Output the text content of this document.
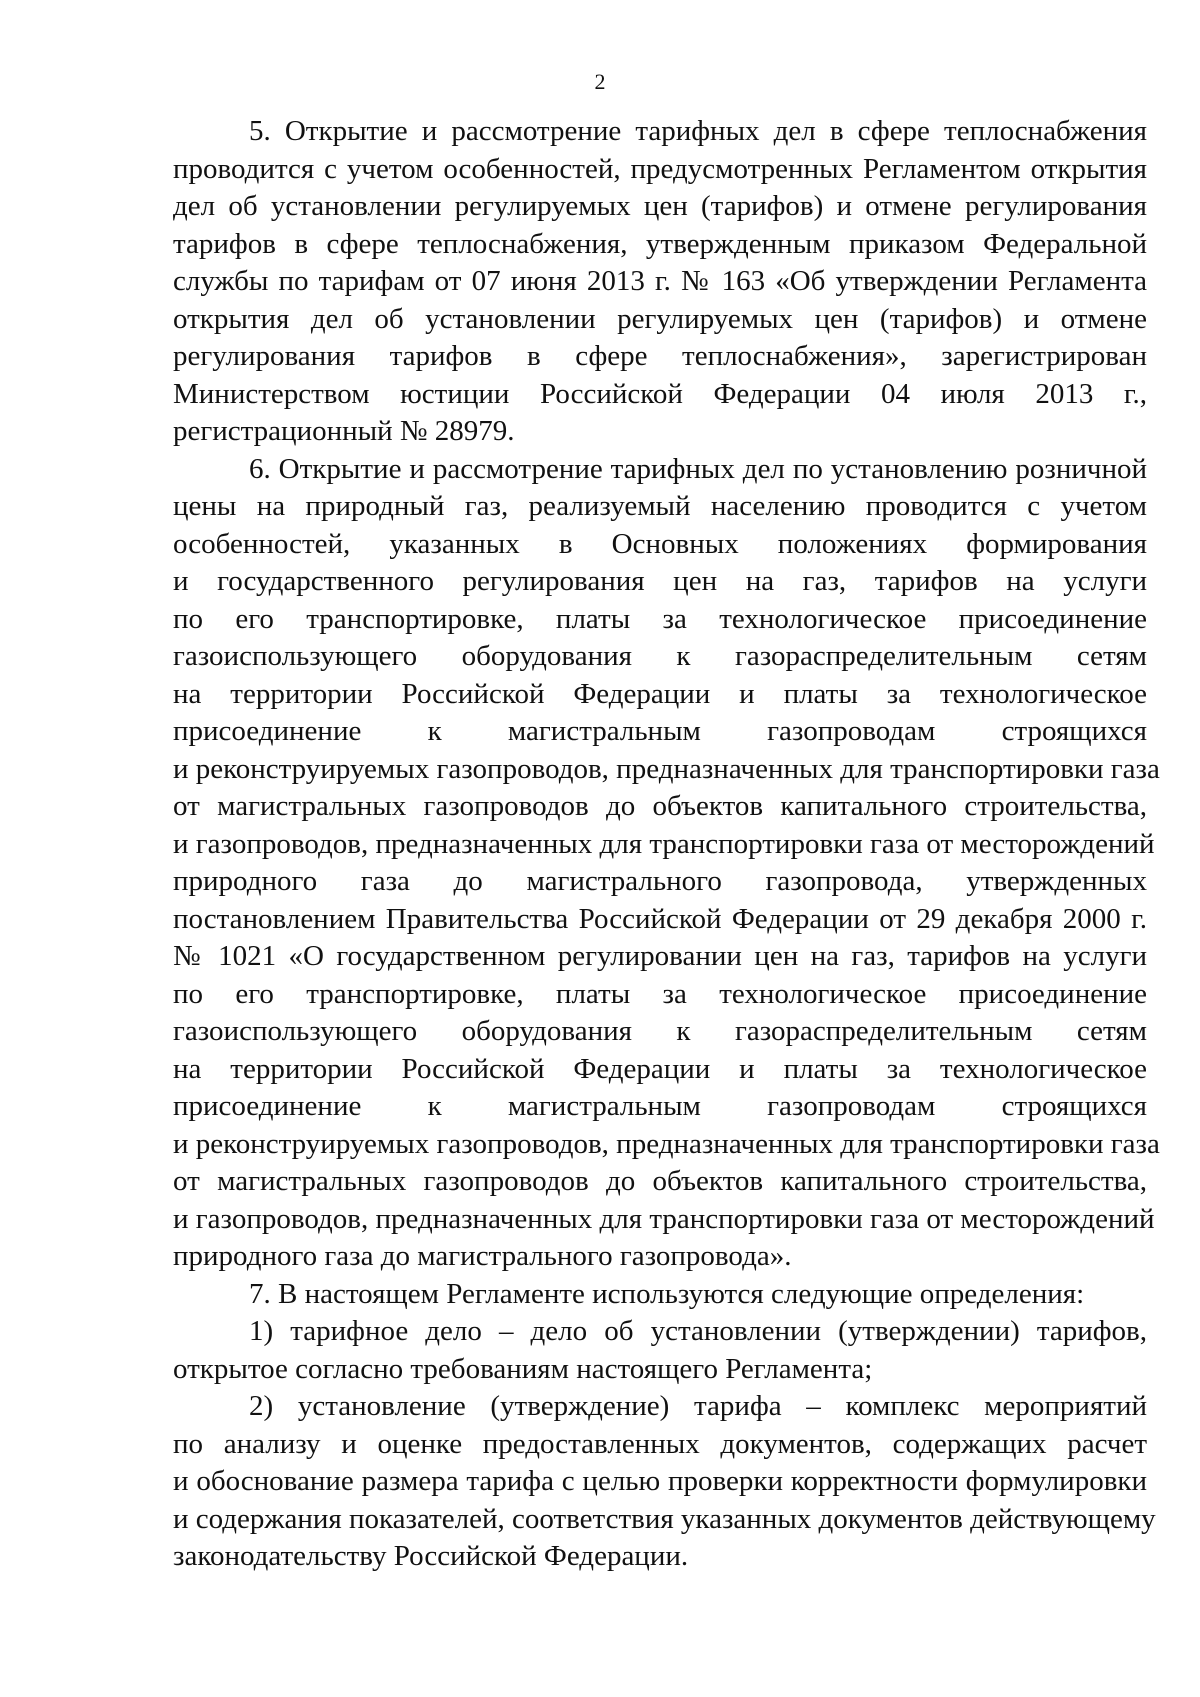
2
5. Открытие и рассмотрение тарифных дел в сфере теплоснабжения
проводится с учетом особенностей, предусмотренных Регламентом открытия
дел об установлении регулируемых цен (тарифов) и отмене регулирования
тарифов в сфере теплоснабжения, утвержденным приказом Федеральной
службы по тарифам от 07 июня 2013 г. № 163 «Об утверждении Регламента
открытия дел об установлении регулируемых цен (тарифов) и отмене
регулирования тарифов в сфере теплоснабжения», зарегистрирован
Министерством юстиции Российской Федерации 04 июля 2013 г.,
регистрационный № 28979.
6. Открытие и рассмотрение тарифных дел по установлению розничной
цены на природный газ, реализуемый населению проводится с учетом
особенностей, указанных в Основных положениях формирования
и государственного регулирования цен на газ, тарифов на услуги
по его транспортировке, платы за технологическое присоединение
газоиспользующего оборудования к газораспределительным сетям
на территории Российской Федерации и платы за технологическое
присоединение к магистральным газопроводам строящихся
и реконструируемых газопроводов, предназначенных для транспортировки газа
от магистральных газопроводов до объектов капитального строительства,
и газопроводов, предназначенных для транспортировки газа от месторождений
природного газа до магистрального газопровода, утвержденных
постановлением Правительства Российской Федерации от 29 декабря 2000 г.
№ 1021 «О государственном регулировании цен на газ, тарифов на услуги
по его транспортировке, платы за технологическое присоединение
газоиспользующего оборудования к газораспределительным сетям
на территории Российской Федерации и платы за технологическое
присоединение к магистральным газопроводам строящихся
и реконструируемых газопроводов, предназначенных для транспортировки газа
от магистральных газопроводов до объектов капитального строительства,
и газопроводов, предназначенных для транспортировки газа от месторождений
природного газа до магистрального газопровода».
7. В настоящем Регламенте используются следующие определения:
1) тарифное дело – дело об установлении (утверждении) тарифов,
открытое согласно требованиям настоящего Регламента;
2) установление (утверждение) тарифа – комплекс мероприятий
по анализу и оценке предоставленных документов, содержащих расчет
и обоснование размера тарифа с целью проверки корректности формулировки
и содержания показателей, соответствия указанных документов действующему
законодательству Российской Федерации.
